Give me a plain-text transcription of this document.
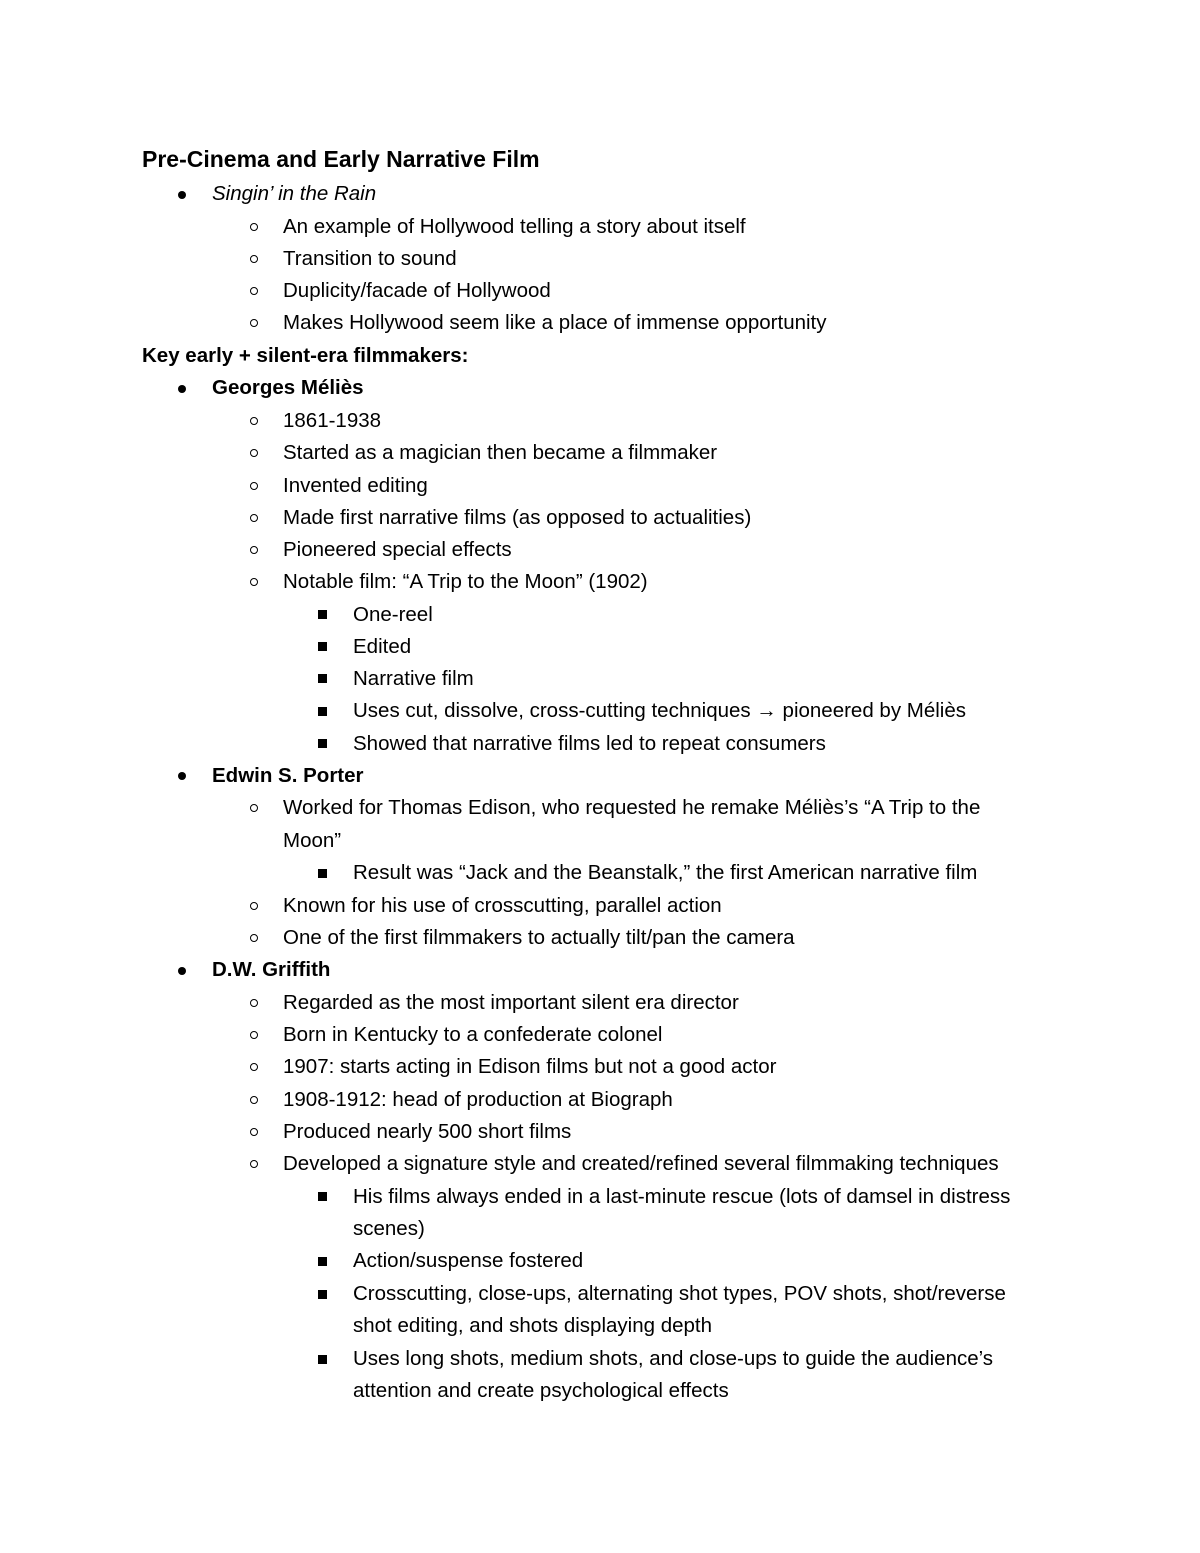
Pre-Cinema and Early Narrative Film
Singin’ in the Rain
An example of Hollywood telling a story about itself
Transition to sound
Duplicity/facade of Hollywood
Makes Hollywood seem like a place of immense opportunity
Key early + silent-era filmmakers:
Georges Méliès
1861-1938
Started as a magician then became a filmmaker
Invented editing
Made first narrative films (as opposed to actualities)
Pioneered special effects
Notable film: “A Trip to the Moon” (1902)
One-reel
Edited
Narrative film
Uses cut, dissolve, cross-cutting techniques → pioneered by Méliès
Showed that narrative films led to repeat consumers
Edwin S. Porter
Worked for Thomas Edison, who requested he remake Méliès’s “A Trip to the
Moon”
Result was “Jack and the Beanstalk,” the first American narrative film
Known for his use of crosscutting, parallel action
One of the first filmmakers to actually tilt/pan the camera
D.W. Griffith
Regarded as the most important silent era director
Born in Kentucky to a confederate colonel
1907: starts acting in Edison films but not a good actor
1908-1912: head of production at Biograph
Produced nearly 500 short films
Developed a signature style and created/refined several filmmaking techniques
His films always ended in a last-minute rescue (lots of damsel in distress
scenes)
Action/suspense fostered
Crosscutting, close-ups, alternating shot types, POV shots, shot/reverse
shot editing, and shots displaying depth
Uses long shots, medium shots, and close-ups to guide the audience’s
attention and create psychological effects
